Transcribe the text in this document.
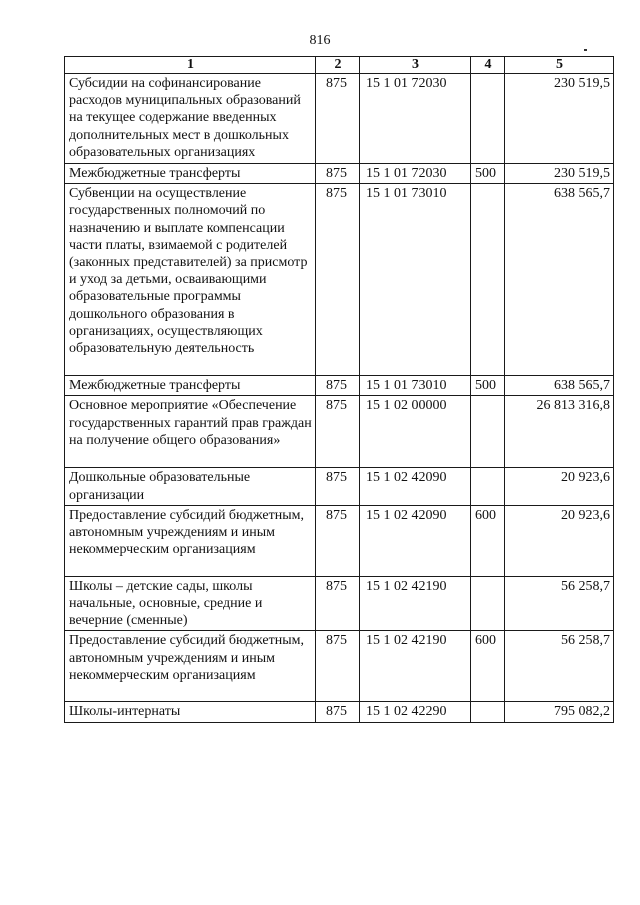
816
1	2	3	4	5
Субсидии на софинансирование расходов муниципальных образований на текущее содержание введенных дополнительных мест в дошкольных образовательных организациях	875	15 1 01 72030		230 519,5
Межбюджетные трансферты	875	15 1 01 72030	500	230 519,5
Субвенции на осуществление государственных полномочий по назначению и выплате компенсации части платы, взимаемой с родителей (законных представителей) за присмотр и уход за детьми, осваивающими образовательные программы дошкольного образования в организациях, осуществляющих образовательную деятельность	875	15 1 01 73010		638 565,7
Межбюджетные трансферты	875	15 1 01 73010	500	638 565,7
Основное мероприятие «Обеспечение государственных гарантий прав граждан на получение общего образования»	875	15 1 02 00000		26 813 316,8
Дошкольные образовательные организации	875	15 1 02 42090		20 923,6
Предоставление субсидий бюджетным, автономным учреждениям и иным некоммерческим организациям	875	15 1 02 42090	600	20 923,6
Школы – детские сады, школы начальные, основные, средние и вечерние (сменные)	875	15 1 02 42190		56 258,7
Предоставление субсидий бюджетным, автономным учреждениям и иным некоммерческим организациям	875	15 1 02 42190	600	56 258,7
Школы-интернаты	875	15 1 02 42290		795 082,2
